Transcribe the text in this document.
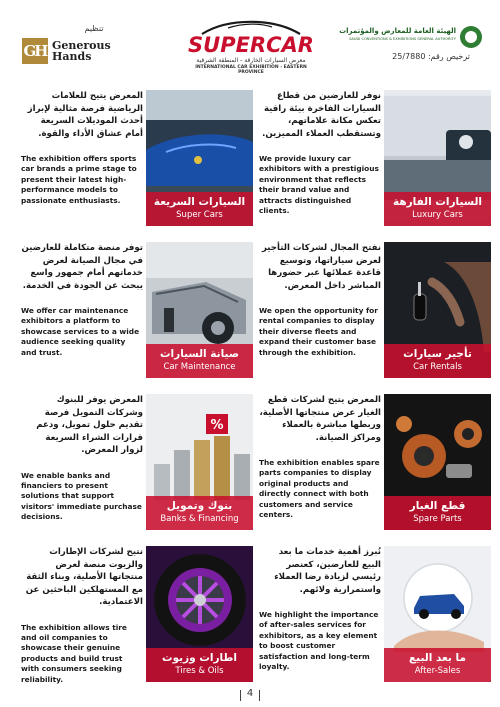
تنظيم
GH Generous
Hands	SUPERCAR
معرض السيارات الخارقة - المنطقة الشرقية
INTERNATIONAL CAR EXHIBITION - EASTERN PROVINCE
الهيئة العامة للمعارض والمؤتمرات
SAUDI CONVENTIONS & EXHIBITIONS GENERAL AUTHORITY
ترخيص رقم: 25/7880

نوفر للعارضين من قطاع السيارات الفاخرة بيئة راقية تعكس مكانة علاماتهم، وتستقطب العملاء المميزين.

We provide luxury car exhibitors with a prestigious environment that reflects their brand value and attracts distinguished clients.

السيارات الفارهة
Luxury Cars

المعرض يتيح للعلامات الرياضية فرصة مثالية لإبراز أحدث الموديلات السريعة أمام عشاق الأداء والقوة.

The exhibition offers sports car brands a prime stage to present their latest high-performance models to passionate enthusiasts.	السيارات السريعة
Super Cars

نفتح المجال لشركات التأجير لعرض سياراتها، وتوسيع قاعدة عملائها عبر حضورها المباشر داخل المعرض.

We open the opportunity for rental companies to display their diverse fleets and expand their customer base through the exhibition.	تأجير سيارات
Car Rentals

توفر منصة متكاملة للعارضين في مجال الصيانة لعرض خدماتهم أمام جمهور واسع يبحث عن الجودة في الخدمة.

We offer car maintenance exhibitors a platform to showcase services to a wide audience seeking quality and trust.	صيانة السيارات
Car Maintenance

المعرض يتيح لشركات قطع الغيار عرض منتجاتها الأصلية، وربطها مباشرة بالعملاء ومراكز الصيانة.

The exhibition enables spare parts companies to display original products and directly connect with both customers and service centers.

قطع الغيار
Spare Parts

المعرض يوفر للبنوك وشركات التمويل فرصة تقديم حلول تمويل، ودعم قرارات الشراء السريعة لزوار المعرض.

We enable banks and financiers to present solutions that support visitors' immediate purchase decisions.

%
بنوك وتمويل
Banks & Financing

نُبرز أهمية خدمات ما بعد البيع للعارضين، كعنصر رئيسي لزيادة رضا العملاء واستمرارية ولائهم.

We highlight the importance of after-sales services for exhibitors, as a key element to boost customer satisfaction and long-term loyalty.

ما بعد البيع
After-Sales

نتيح لشركات الإطارات والزيوت منصة لعرض منتجاتها الأصلية، وبناء الثقة مع المستهلكين الباحثين عن الاعتمادية.

The exhibition allows tire and oil companies to showcase their genuine products and build trust with consumers seeking reliability.

اطارات وزيوت
Tires & Oils
4
